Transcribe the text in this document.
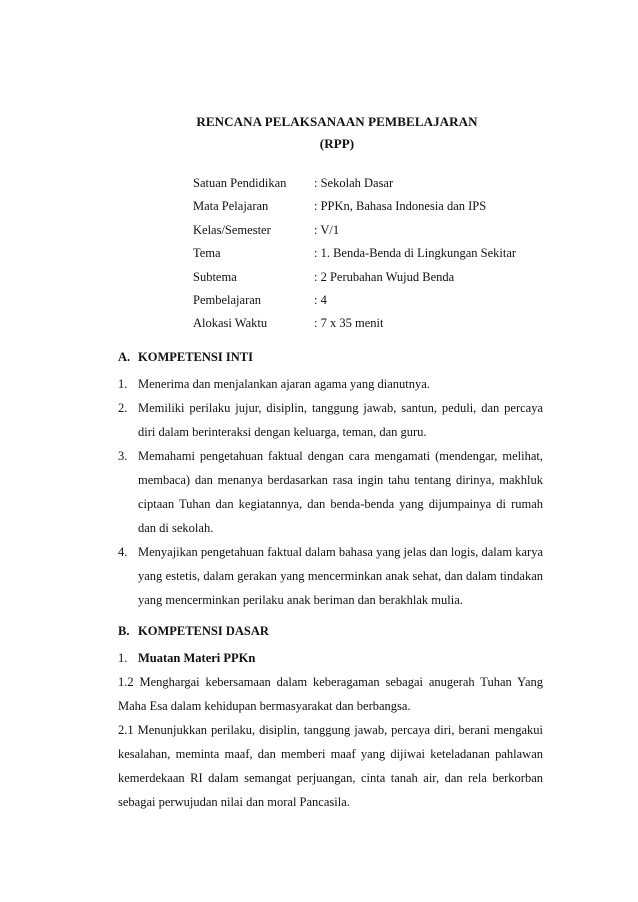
RENCANA PELAKSANAAN PEMBELAJARAN
(RPP)
Satuan Pendidikan : Sekolah Dasar
Mata Pelajaran	: PPKn, Bahasa Indonesia dan IPS
Kelas/Semester	: V/1
Tema	: 1. Benda-Benda di Lingkungan Sekitar
Subtema	: 2 Perubahan Wujud Benda
Pembelajaran	: 4
Alokasi Waktu	: 7 x 35 menit
A. KOMPETENSI INTI

1. Menerima dan menjalankan ajaran agama yang dianutnya.

2. Memiliki perilaku jujur, disiplin, tanggung jawab, santun, peduli, dan percaya diri dalam berinteraksi dengan keluarga, teman, dan guru.

3. Memahami pengetahuan faktual dengan cara mengamati (mendengar, melihat, membaca) dan menanya berdasarkan rasa ingin tahu tentang dirinya, makhluk ciptaan Tuhan dan kegiatannya, dan benda-benda yang dijumpainya di rumah dan di sekolah.

4. Menyajikan pengetahuan faktual dalam bahasa yang jelas dan logis, dalam karya yang estetis, dalam gerakan yang mencerminkan anak sehat, dan dalam tindakan yang mencerminkan perilaku anak beriman dan berakhlak mulia.

B. KOMPETENSI DASAR
1. Muatan Materi PPKn

1.2 Menghargai kebersamaan dalam keberagaman sebagai anugerah Tuhan Yang Maha Esa dalam kehidupan bermasyarakat dan berbangsa.

2.1 Menunjukkan perilaku, disiplin, tanggung jawab, percaya diri, berani mengakui kesalahan, meminta maaf, dan memberi maaf yang dijiwai keteladanan pahlawan kemerdekaan RI dalam semangat perjuangan, cinta tanah air, dan rela berkorban sebagai perwujudan nilai dan moral Pancasila.
